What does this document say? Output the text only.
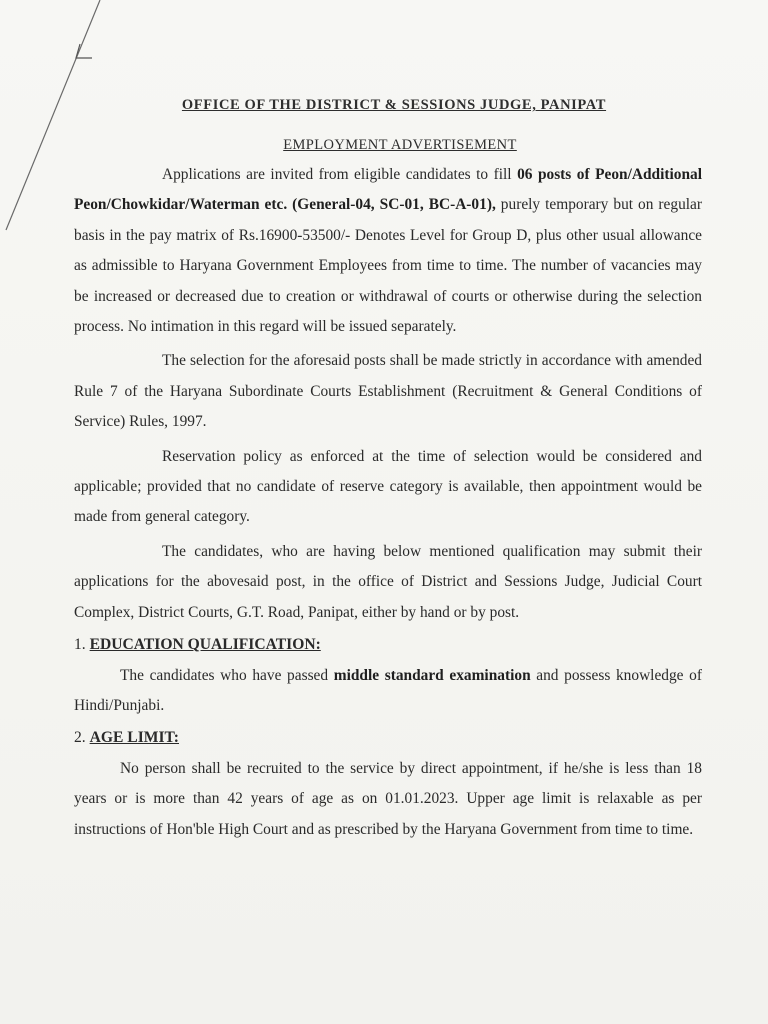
OFFICE OF THE DISTRICT & SESSIONS JUDGE, PANIPAT
EMPLOYMENT ADVERTISEMENT

Applications are invited from eligible candidates to fill 06 posts of Peon/Additional Peon/Chowkidar/Waterman etc. (General-04, SC-01, BC-A-01), purely temporary but on regular basis in the pay matrix of Rs.16900-53500/- Denotes Level for Group D, plus other usual allowance as admissible to Haryana Government Employees from time to time. The number of vacancies may be increased or decreased due to creation or withdrawal of courts or otherwise during the selection process. No intimation in this regard will be issued separately.

The selection for the aforesaid posts shall be made strictly in accordance with amended Rule 7 of the Haryana Subordinate Courts Establishment (Recruitment & General Conditions of Service) Rules, 1997.

Reservation policy as enforced at the time of selection would be considered and applicable; provided that no candidate of reserve category is available, then appointment would be made from general category.

The candidates, who are having below mentioned qualification may submit their applications for the abovesaid post, in the office of District and Sessions Judge, Judicial Court Complex, District Courts, G.T. Road, Panipat, either by hand or by post.

1. EDUCATION QUALIFICATION:

The candidates who have passed middle standard examination and possess knowledge of Hindi/Punjabi.

2. AGE LIMIT:

No person shall be recruited to the service by direct appointment, if he/she is less than 18 years or is more than 42 years of age as on 01.01.2023. Upper age limit is relaxable as per instructions of Hon'ble High Court and as prescribed by the Haryana Government from time to time.
